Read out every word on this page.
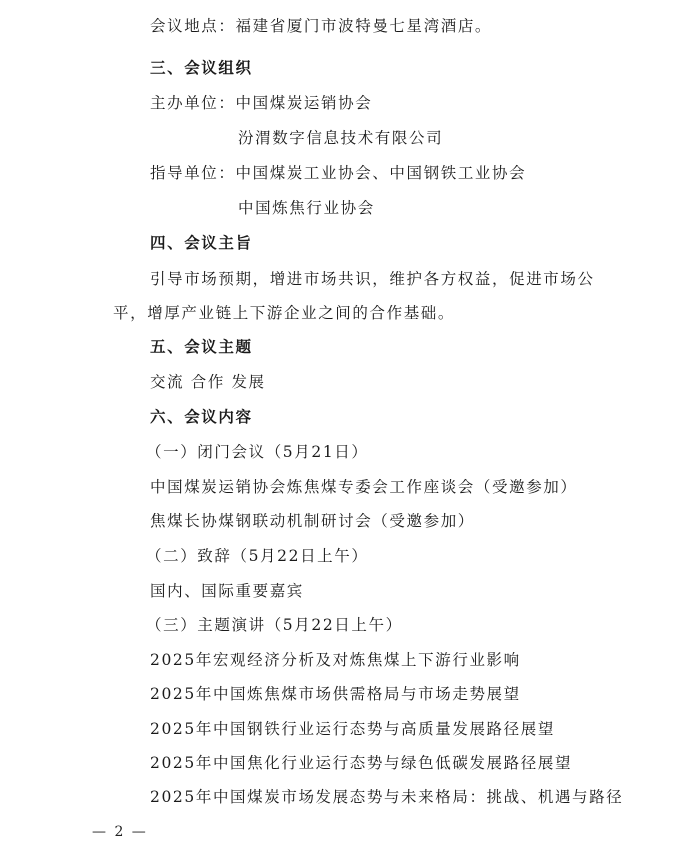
会议地点：福建省厦门市波特曼七星湾酒店。
三、会议组织
主办单位：中国煤炭运销协会
汾渭数字信息技术有限公司
指导单位：中国煤炭工业协会、中国钢铁工业协会
中国炼焦行业协会
四、会议主旨
引导市场预期，增进市场共识，维护各方权益，促进市场公
平，增厚产业链上下游企业之间的合作基础。
五、会议主题
交流 合作 发展
六、会议内容
（一）闭门会议（5月21日）
中国煤炭运销协会炼焦煤专委会工作座谈会（受邀参加）
焦煤长协煤钢联动机制研讨会（受邀参加）
（二）致辞（5月22日上午）
国内、国际重要嘉宾
（三）主题演讲（5月22日上午）
2025年宏观经济分析及对炼焦煤上下游行业影响
2025年中国炼焦煤市场供需格局与市场走势展望
2025年中国钢铁行业运行态势与高质量发展路径展望
2025年中国焦化行业运行态势与绿色低碳发展路径展望
2025年中国煤炭市场发展态势与未来格局：挑战、机遇与路径
— 2 —
